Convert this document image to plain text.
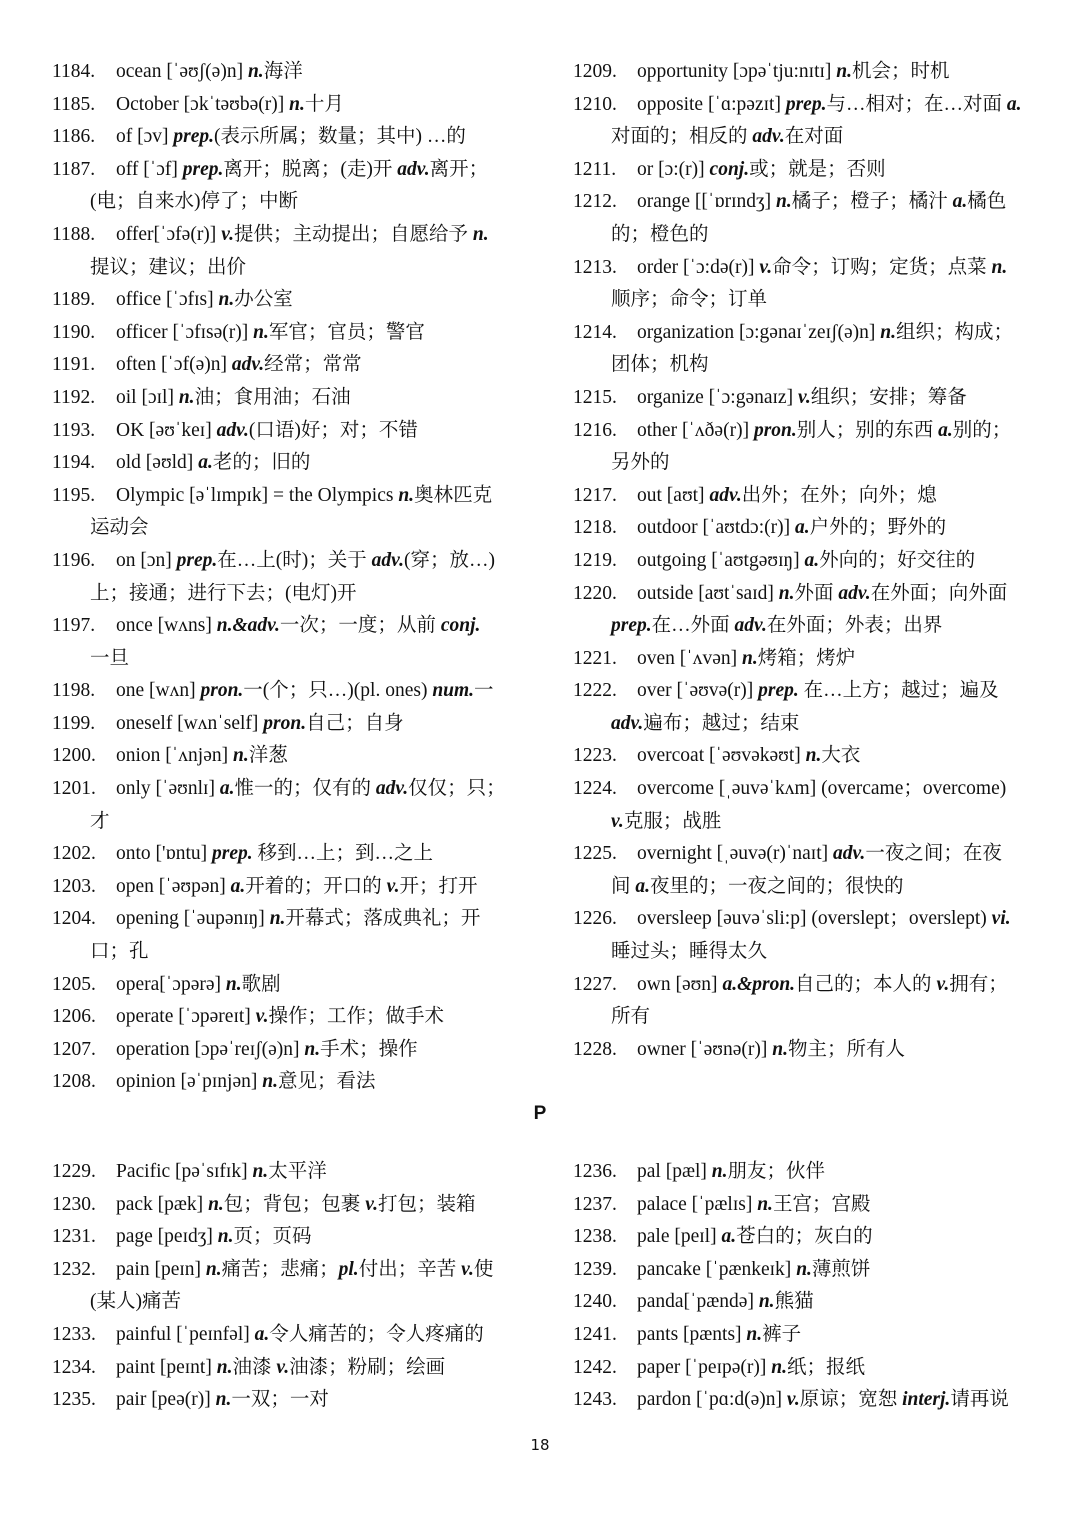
1184.	ocean [ˈəʊʃ(ə)n] n.海洋
1185.	October [ɔkˈtəʊbə(r)] n.十月
1186.	of [ɔv] prep.(表示所属；数量；其中) …的
1187.	off [ˈɔf] prep.离开；脱离；(走)开 adv.离开；
(电；自来水)停了；中断
1188.	offer[ˈɔfə(r)] v.提供；主动提出；自愿给予 n.
提议；建议；出价
1189.	office [ˈɔfɪs] n.办公室
1190.	officer [ˈɔfɪsə(r)] n.军官；官员；警官
1191.	often [ˈɔf(ə)n] adv.经常；常常
1192.	oil [ɔɪl] n.油；食用油；石油
1193.	OK [əʊˈkeɪ] adv.(口语)好；对；不错
1194.	old [əʊld] a.老的；旧的
1195.	Olympic [əˈlɪmpɪk] = the Olympics n.奥林匹克
运动会
1196.	on [ɔn] prep.在…上(时)；关于 adv.(穿；放…)
上；接通；进行下去；(电灯)开
1197.	once [wʌns] n.&adv.一次；一度；从前 conj.
一旦
1198.	one [wʌn] pron.一(个；只…)(pl. ones) num.一
1199.	oneself [wʌnˈself] pron.自己；自身
1200.	onion [ˈʌnjən] n.洋葱
1201.	only [ˈəʊnlɪ] a.惟一的；仅有的 adv.仅仅；只；
才
1202.	onto ['ɒntu] prep. 移到…上；到…之上
1203.	open [ˈəʊpən] a.开着的；开口的 v.开；打开
1204.	opening [ˈəupənɪŋ] n.开幕式；落成典礼；开
口；孔
1205.	opera[ˈɔpərə] n.歌剧
1206.	operate [ˈɔpəreɪt] v.操作；工作；做手术
1207.	operation [ɔpəˈreɪʃ(ə)n] n.手术；操作
1208.	opinion [əˈpɪnjən] n.意见；看法
1209.	opportunity [ɔpəˈtju:nɪtɪ] n.机会；时机
1210.	opposite [ˈɑ:pəzɪt] prep.与…相对；在…对面 a.
对面的；相反的 adv.在对面
1211.	or [ɔ:(r)] conj.或；就是；否则
1212.	orange [[ˈɒrɪndʒ] n.橘子；橙子；橘汁 a.橘色
的；橙色的
1213.	order [ˈɔ:də(r)] v.命令；订购；定货；点菜 n.
顺序；命令；订单
1214.	organization [ɔ:gənaɪˈzeɪʃ(ə)n] n.组织；构成；
团体；机构
1215.	organize [ˈɔ:gənaɪz] v.组织；安排；筹备
1216.	other [ˈʌðə(r)] pron.别人；别的东西 a.别的；
另外的
1217.	out [aʊt] adv.出外；在外；向外；熄
1218.	outdoor [ˈaʊtdɔ:(r)] a.户外的；野外的
1219.	outgoing [ˈaʊtgəʊɪŋ] a.外向的；好交往的
1220.	outside [aʊtˈsaɪd] n.外面 adv.在外面；向外面
prep.在…外面 adv.在外面；外表；出界
1221.	oven [ˈʌvən] n.烤箱；烤炉
1222.	over [ˈəʊvə(r)] prep. 在…上方；越过；遍及
adv.遍布；越过；结束
1223.	overcoat [ˈəʊvəkəʊt] n.大衣
1224.	overcome [ˌəuvəˈkʌm] (overcame；overcome)
v.克服；战胜
1225.	overnight [ˌəuvə(r)ˈnaɪt] adv.一夜之间；在夜
间 a.夜里的；一夜之间的；很快的
1226.	oversleep [əuvəˈsli:p] (overslept；overslept) vi.
睡过头；睡得太久
1227.	own [əʊn] a.&pron.自己的；本人的 v.拥有；
所有
1228.	owner [ˈəʊnə(r)] n.物主；所有人
P
1229.	Pacific [pəˈsɪfɪk] n.太平洋
1230.	pack [pæk] n.包；背包；包裹 v.打包；装箱
1231.	page [peɪdʒ] n.页；页码
1232.	pain [peɪn] n.痛苦；悲痛；pl.付出；辛苦 v.使
(某人)痛苦
1233.	painful [ˈpeɪnfəl] a.令人痛苦的；令人疼痛的
1234.	paint [peɪnt] n.油漆 v.油漆；粉刷；绘画
1235.	pair [peə(r)] n.一双；一对
1236.	pal [pæl] n.朋友；伙伴
1237.	palace [ˈpælɪs] n.王宫；宫殿
1238.	pale [peɪl] a.苍白的；灰白的
1239.	pancake [ˈpænkeɪk] n.薄煎饼
1240.	panda[ˈpændə] n.熊猫
1241.	pants [pænts] n.裤子
1242.	paper [ˈpeɪpə(r)] n.纸；报纸
1243.	pardon [ˈpɑ:d(ə)n] v.原谅；宽恕 interj.请再说
18
